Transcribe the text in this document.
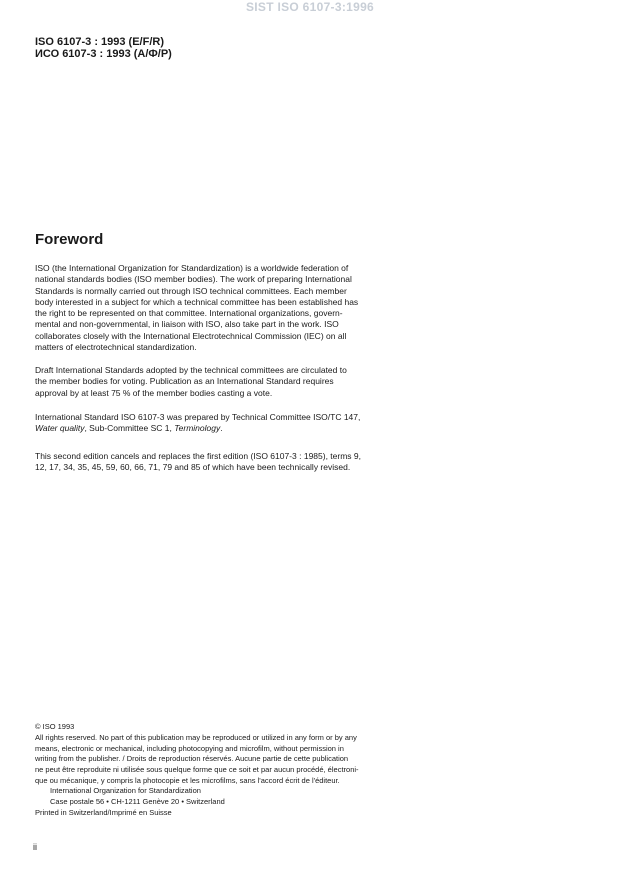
SIST ISO 6107-3:1996
ISO 6107-3 : 1993 (E/F/R)
ИСО 6107-3 : 1993 (А/Ф/Р)
Foreword

ISO (the International Organization for Standardization) is a worldwide federation of
national standards bodies (ISO member bodies). The work of preparing International
Standards is normally carried out through ISO technical committees. Each member
body interested in a subject for which a technical committee has been established has
the right to be represented on that committee. International organizations, govern-
mental and non-governmental, in liaison with ISO, also take part in the work. ISO
collaborates closely with the International Electrotechnical Commission (IEC) on all
matters of electrotechnical standardization.

Draft International Standards adopted by the technical committees are circulated to
the member bodies for voting. Publication as an International Standard requires
approval by at least 75 % of the member bodies casting a vote.

International Standard ISO 6107-3 was prepared by Technical Committee ISO/TC 147,
Water quality, Sub-Committee SC 1, Terminology.

This second edition cancels and replaces the first edition (ISO 6107-3 : 1985), terms 9,
12, 17, 34, 35, 45, 59, 60, 66, 71, 79 and 85 of which have been technically revised.

© ISO 1993
All rights reserved. No part of this publication may be reproduced or utilized in any form or by any
means, electronic or mechanical, including photocopying and microfilm, without permission in
writing from the publisher. / Droits de reproduction réservés. Aucune partie de cette publication
ne peut être reproduite ni utilisée sous quelque forme que ce soit et par aucun procédé, électroni-
que ou mécanique, y compris la photocopie et les microfilms, sans l'accord écrit de l'éditeur.
International Organization for Standardization
Case postale 56 • CH-1211 Genève 20 • Switzerland
Printed in Switzerland/Imprimé en Suisse
ii
